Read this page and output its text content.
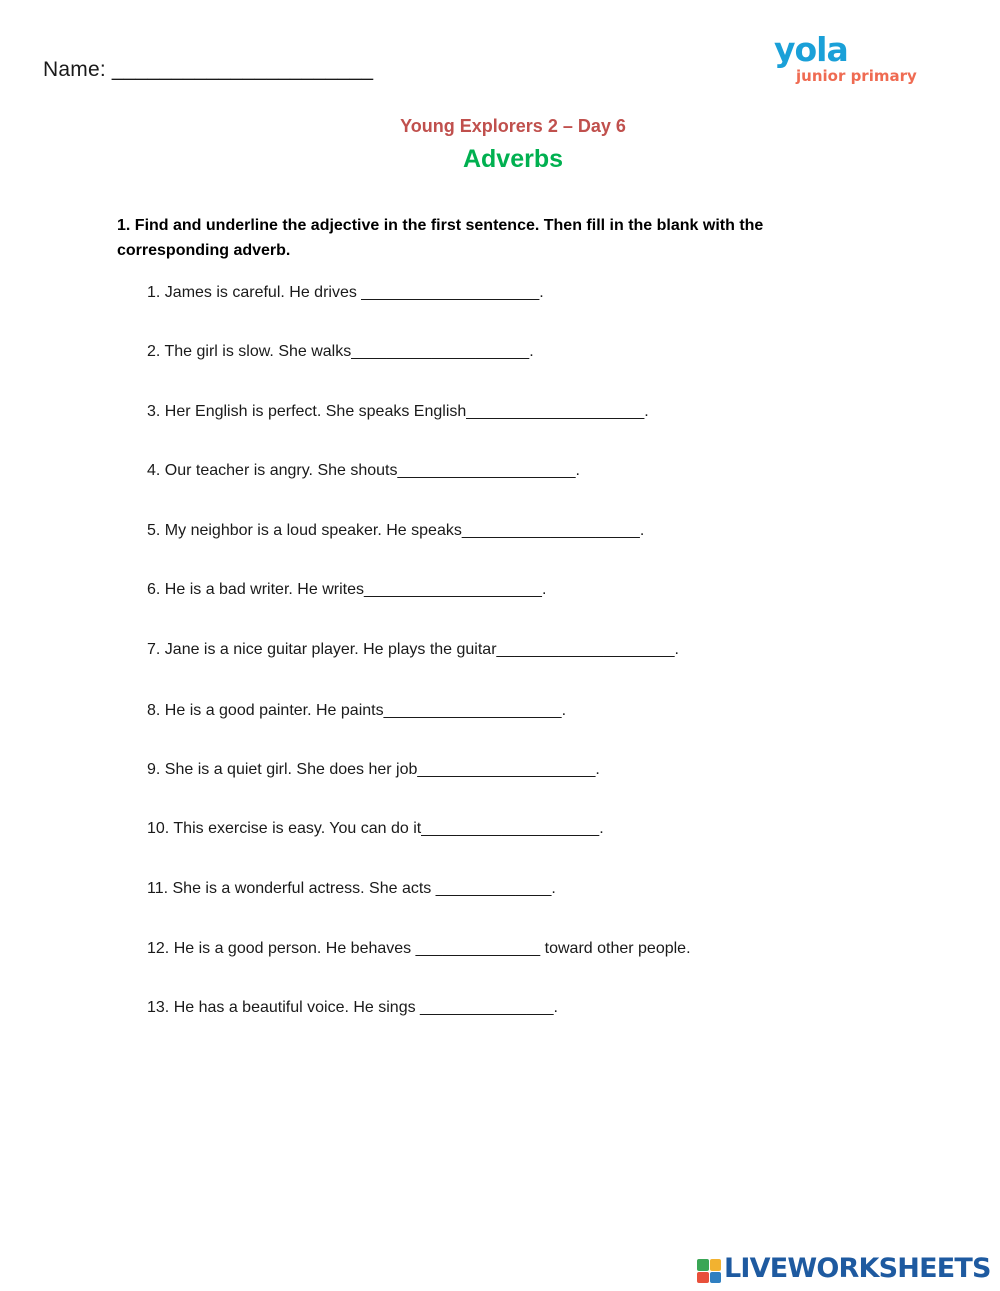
Name: ______________________
yola
junior primary
Young Explorers 2 – Day 6
Adverbs
1. Find and underline the adjective in the first sentence. Then fill in the blank with the corresponding adverb.

1. James is careful. He drives ____________________.

2. The girl is slow. She walks____________________.

3. Her English is perfect. She speaks English____________________.

4. Our teacher is angry. She shouts____________________.

5. My neighbor is a loud speaker. He speaks____________________.

6. He is a bad writer. He writes____________________.

7. Jane is a nice guitar player. He plays the guitar____________________.

8. He is a good painter. He paints____________________.

9. She is a quiet girl. She does her job____________________.

10. This exercise is easy. You can do it____________________.

11. She is a wonderful actress. She acts _____________.

12. He is a good person. He behaves ______________ toward other people.

13. He has a beautiful voice. He sings _______________.

LIVEWORKSHEETS
